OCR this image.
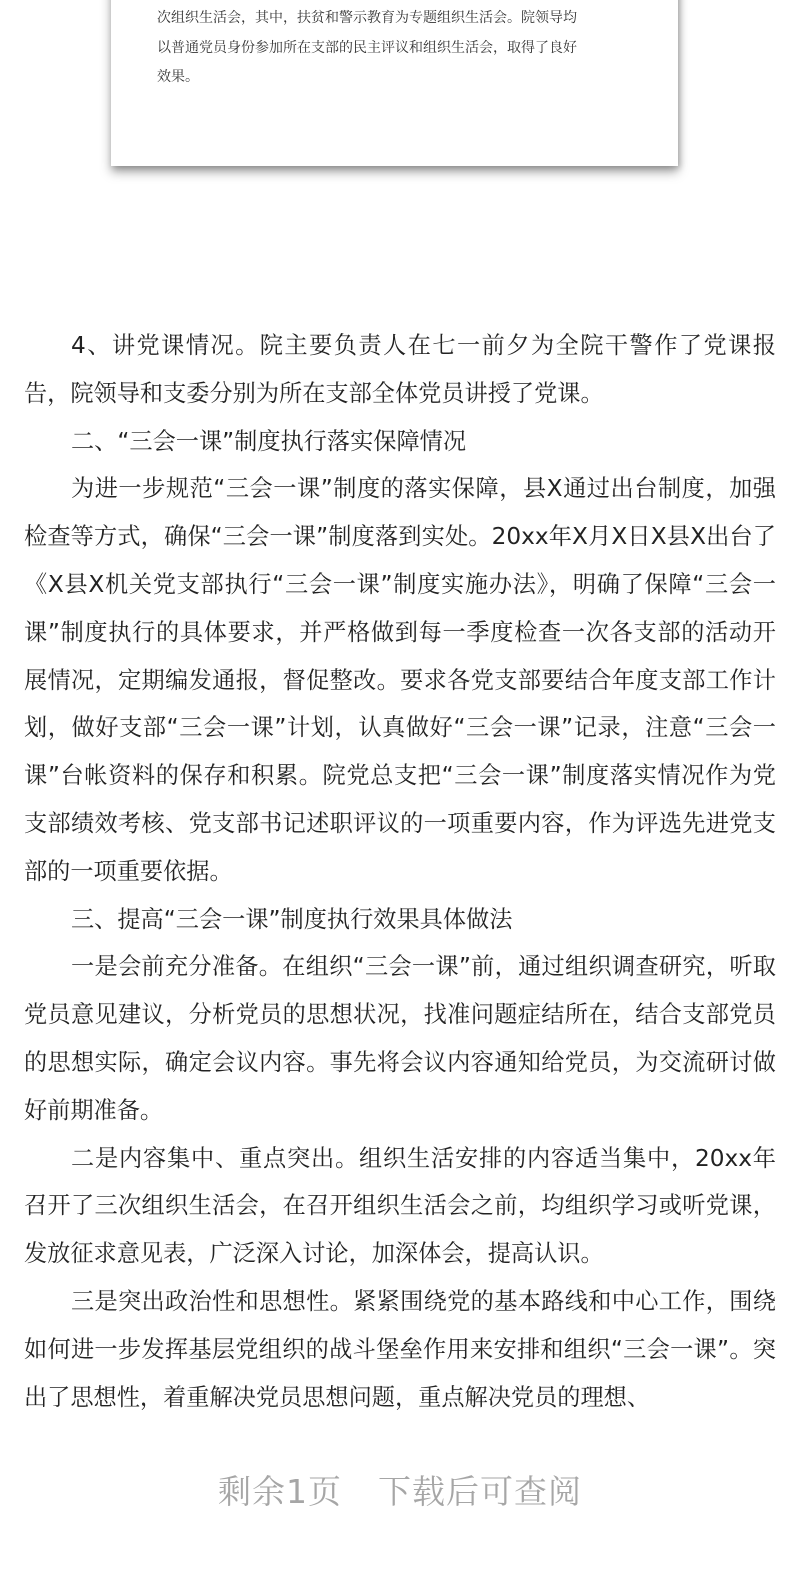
次组织生活会，其中，扶贫和警示教育为专题组织生活会。院领导均
以普通党员身份参加所在支部的民主评议和组织生活会，取得了良好
效果。

4、讲党课情况。院主要负责人在七一前夕为全院干警作了党课报告，院领导和支委分别为所在支部全体党员讲授了党课。

二、“三会一课”制度执行落实保障情况

为进一步规范“三会一课”制度的落实保障，县X通过出台制度，加强检查等方式，确保“三会一课”制度落到实处。20xx年X月X日X县X出台了《X县X机关党支部执行“三会一课”制度实施办法》，明确了保障“三会一课”制度执行的具体要求，并严格做到每一季度检查一次各支部的活动开展情况，定期编发通报，督促整改。要求各党支部要结合年度支部工作计划，做好支部“三会一课”计划，认真做好“三会一课”记录，注意“三会一课”台帐资料的保存和积累。院党总支把“三会一课”制度落实情况作为党支部绩效考核、党支部书记述职评议的一项重要内容，作为评选先进党支部的一项重要依据。

三、提高“三会一课”制度执行效果具体做法

一是会前充分准备。在组织“三会一课”前，通过组织调查研究，听取党员意见建议，分析党员的思想状况，找准问题症结所在，结合支部党员的思想实际，确定会议内容。事先将会议内容通知给党员，为交流研讨做好前期准备。

二是内容集中、重点突出。组织生活安排的内容适当集中，20xx年召开了三次组织生活会，在召开组织生活会之前，均组织学习或听党课，发放征求意见表，广泛深入讨论，加深体会，提高认识。

三是突出政治性和思想性。紧紧围绕党的基本路线和中心工作，围绕如何进一步发挥基层党组织的战斗堡垒作用来安排和组织“三会一课”。突出了思想性，着重解决党员思想问题，重点解决党员的理想、

剩余1页 下载后可查阅
